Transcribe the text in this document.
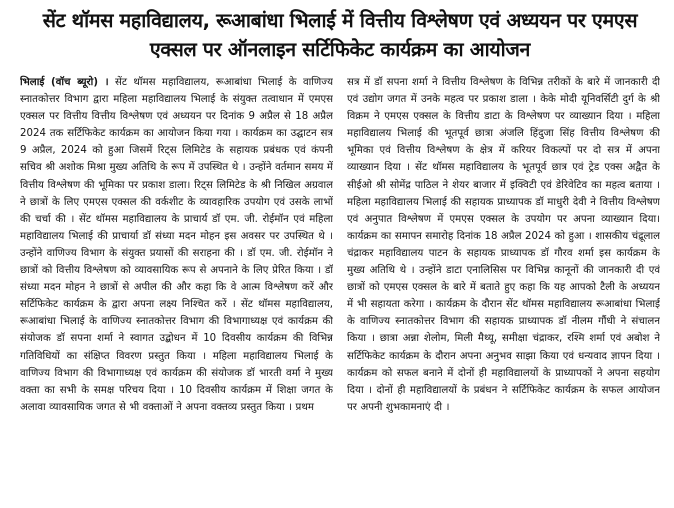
सेंट थॉमस महाविद्यालय, रूआबांधा भिलाई में वित्तीय विश्लेषण एवं अध्ययन पर एमएस
एक्सल पर ऑनलाइन सर्टिफिकेट कार्यक्रम का आयोजन

भिलाई (वॉच ब्यूरो) । सेंट थॉमस महाविद्यालय, रूआबांधा भिलाई के वाणिज्य स्नातकोत्तर विभाग द्वारा महिला महाविद्यालय भिलाई के संयुक्त तत्वाधान में एमएस एक्सल पर वित्तीय वित्तीय विश्लेषण एवं अध्ययन पर दिनांक 9 अप्रैल से 18 अप्रैल 2024 तक सर्टिफिकेट कार्यक्रम का आयोजन किया गया । कार्यक्रम का उद्घाटन सत्र 9 अप्रैल, 2024 को हुआ जिसमें रिट्स लिमिटेड के सहायक प्रबंधक एवं कंपनी सचिव श्री अशोक मिश्रा मुख्य अतिथि के रूप में उपस्थित थे । उन्होंने वर्तमान समय में वित्तीय विश्लेषण की भूमिका पर प्रकाश डाला। रिट्स लिमिटेड के श्री निखिल अग्रवाल ने छात्रों के लिए एमएस एक्सल की वर्कशीट के व्यावहारिक उपयोग एवं उसके लाभों की चर्चा की । सेंट थॉमस महाविद्यालय के प्राचार्य डॉ एम. जी. रोईमॉन एवं महिला महाविद्यालय भिलाई की प्राचार्या डॉ संध्या मदन मोहन इस अवसर पर उपस्थित थे । उन्होंने वाणिज्य विभाग के संयुक्त प्रयासों की सराहना की । डॉ एम. जी. रोईमॉन ने छात्रों को वित्तीय विश्लेषण को व्यावसायिक रूप से अपनाने के लिए प्रेरित किया । डॉ संध्या मदन मोहन ने छात्रों से अपील की और कहा कि वे आत्म विश्लेषण करें और सर्टिफिकेट कार्यक्रम के द्वारा अपना लक्ष्य निश्चित करें । सेंट थॉमस महाविद्यालय, रूआबांधा भिलाई के वाणिज्य स्नातकोत्तर विभाग की विभागाध्यक्ष एवं कार्यक्रम की संयोजक डॉ सपना शर्मा ने स्वागत उद्बोधन में 10 दिवसीय कार्यक्रम की विभिन्न गतिविधियों का संक्षिप्त विवरण प्रस्तुत किया । महिला महाविद्यालय भिलाई के वाणिज्य विभाग की विभागाध्यक्ष एवं कार्यक्रम की संयोजक डॉ भारती वर्मा ने मुख्य वक्ता का सभी के समक्ष परिचय दिया । 10 दिवसीय कार्यक्रम में शिक्षा जगत के अलावा व्यावसायिक जगत से भी वक्ताओं ने अपना वक्तव्य प्रस्तुत किया । प्रथम

सत्र में डॉ सपना शर्मा ने वित्तीय विश्लेषण के विभिन्न तरीकों के बारे में जानकारी दी एवं उद्योग जगत में उनके महत्व पर प्रकाश डाला । केके मोदी यूनिवर्सिटी दुर्ग के श्री विक्रम ने एमएस एक्सल के वित्तीय डाटा के विश्लेषण पर व्याख्यान दिया । महिला महाविद्यालय भिलाई की भूतपूर्व छात्रा अंजलि हिंदुजा सिंह वित्तीय विश्लेषण की भूमिका एवं वित्तीय विश्लेषण के क्षेत्र में करियर विकल्पों पर दो सत्र में अपना व्याख्यान दिया । सेंट थॉमस महाविद्यालय के भूतपूर्व छात्र एवं ट्रेड एक्स अद्वैत के सीईओ श्री सोमेंद्र पाठिल ने शेयर बाजार में इक्विटी एवं डेरिवेटिव का महत्व बताया । महिला महाविद्यालय भिलाई की सहायक प्राध्यापक डॉ माधुरी देवी ने वित्तीय विश्लेषण एवं अनुपात विश्लेषण में एमएस एक्सल के उपयोग पर अपना व्याख्यान दिया। कार्यक्रम का समापन समारोह दिनांक 18 अप्रैल 2024 को हुआ । शासकीय चंद्रूलाल चंद्राकर महाविद्यालय पाटन के सहायक प्राध्यापक डॉ गौरव शर्मा इस कार्यक्रम के मुख्य अतिथि थे । उन्होंने डाटा एनालिसिस पर विभिन्न कानूनों की जानकारी दी एवं छात्रों को एमएस एक्सल के बारे में बताते हुए कहा कि यह आपको टैली के अध्ययन में भी सहायता करेगा । कार्यक्रम के दौरान सेंट थॉमस महाविद्यालय रूआबांधा भिलाई के वाणिज्य स्नातकोत्तर विभाग की सहायक प्राध्यापक डॉ नीलम गौंधी ने संचालन किया । छात्रा अन्ना शेलोम, मिली मैथ्यू, समीक्षा चंद्राकर, रश्मि शर्मा एवं अबोश ने सर्टिफिकेट कार्यक्रम के दौरान अपना अनुभव साझा किया एवं धन्यवाद ज्ञापन दिया । कार्यक्रम को सफल बनाने में दोनों ही महाविद्यालयों के प्राध्यापकों ने अपना सहयोग दिया । दोनों ही महाविद्यालयों के प्रबंधन ने सर्टिफिकेट कार्यक्रम के सफल आयोजन पर अपनी शुभकामनाएं दी ।
